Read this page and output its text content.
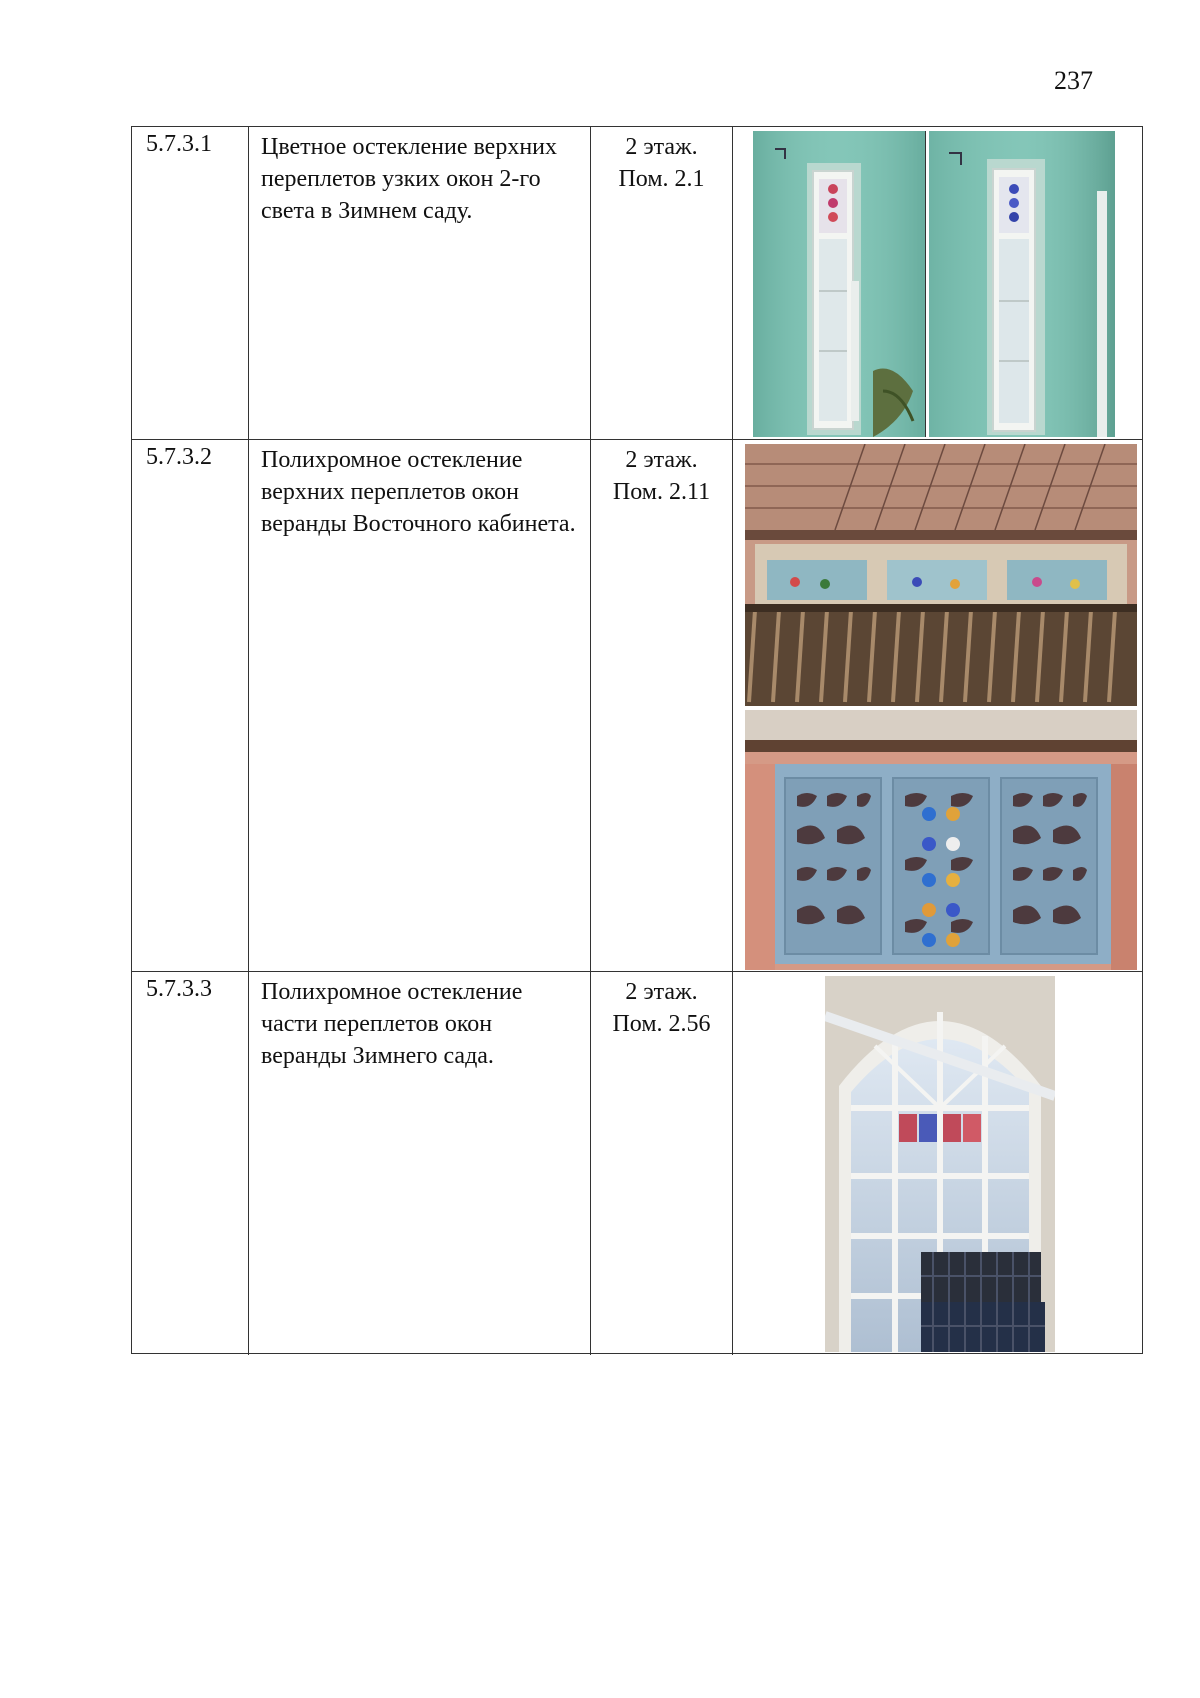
237
5.7.3.1 Цветное остекление верхних переплетов узких окон 2-го света в Зимнем саду.
2 этаж.
Пом. 2.1
5.7.3.2 Полихромное остекление верхних переплетов окон веранды Восточного кабинета.
2 этаж.
Пом. 2.11
5.7.3.3 Полихромное остекление части переплетов окон веранды Зимнего сада.
2 этаж.
Пом. 2.56
